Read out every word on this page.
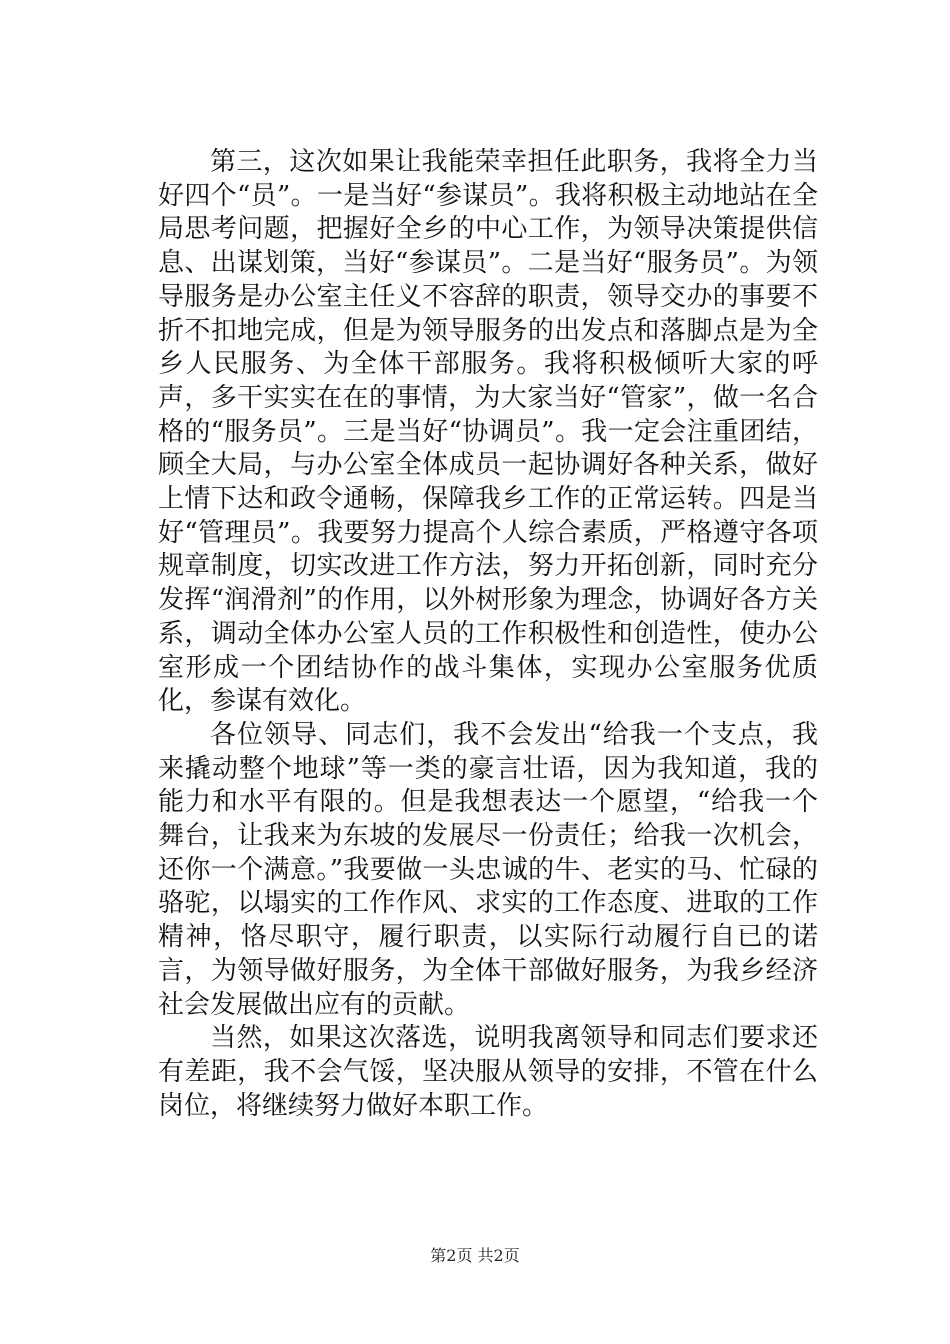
第三，这次如果让我能荣幸担任此职务，我将全力当好四个“员”。一是当好“参谋员”。我将积极主动地站在全局思考问题，把握好全乡的中心工作，为领导决策提供信息、出谋划策，当好“参谋员”。二是当好“服务员”。为领导服务是办公室主任义不容辞的职责，领导交办的事要不折不扣地完成，但是为领导服务的出发点和落脚点是为全乡人民服务、为全体干部服务。我将积极倾听大家的呼声，多干实实在在的事情，为大家当好“管家”，做一名合格的“服务员”。三是当好“协调员”。我一定会注重团结，顾全大局，与办公室全体成员一起协调好各种关系，做好上情下达和政令通畅，保障我乡工作的正常运转。四是当好“管理员”。我要努力提高个人综合素质，严格遵守各项规章制度，切实改进工作方法，努力开拓创新，同时充分发挥“润滑剂”的作用，以外树形象为理念，协调好各方关系，调动全体办公室人员的工作积极性和创造性，使办公室形成一个团结协作的战斗集体，实现办公室服务优质化，参谋有效化。

各位领导、同志们，我不会发出“给我一个支点，我来撬动整个地球”等一类的豪言壮语，因为我知道，我的能力和水平有限的。但是我想表达一个愿望，“给我一个舞台，让我来为东坡的发展尽一份责任；给我一次机会，还你一个满意。”我要做一头忠诚的牛、老实的马、忙碌的骆驼，以塌实的工作作风、求实的工作态度、进取的工作精神，恪尽职守，履行职责，以实际行动履行自已的诺言，为领导做好服务，为全体干部做好服务，为我乡经济社会发展做出应有的贡献。

当然，如果这次落选，说明我离领导和同志们要求还有差距，我不会气馁，坚决服从领导的安排，不管在什么岗位，将继续努力做好本职工作。

第2页 共2页
